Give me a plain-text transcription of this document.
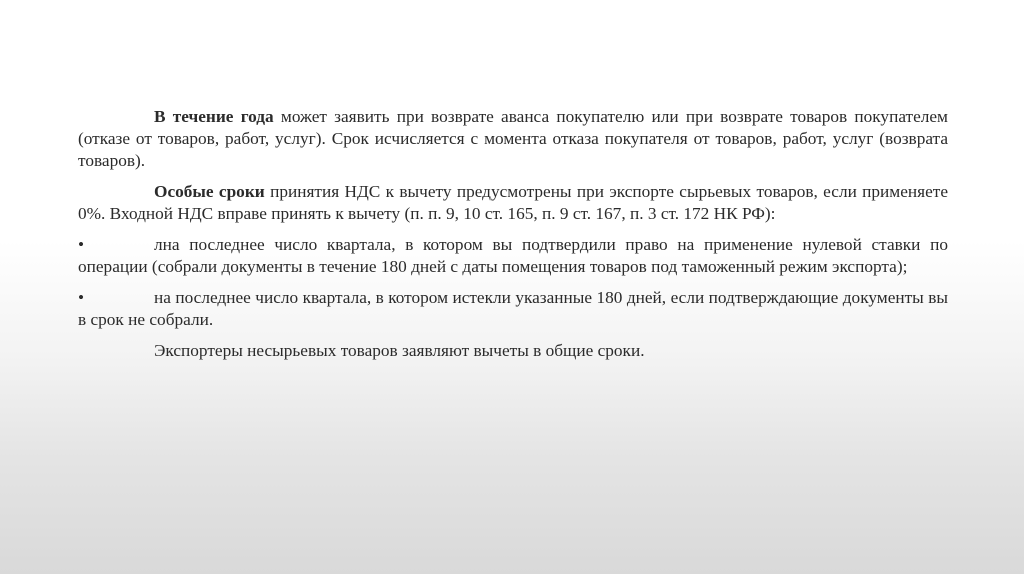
В течение года может заявить при возврате аванса покупателю или при возврате товаров покупателем (отказе от товаров, работ, услуг). Срок исчисляется с момента отказа покупателя от товаров, работ, услуг (возврата товаров).

Особые сроки принятия НДС к вычету предусмотрены при экспорте сырьевых товаров, если применяете 0%. Входной НДС вправе принять к вычету (п. п. 9, 10 ст. 165, п. 9 ст. 167, п. 3 ст. 172 НК РФ):

•	лна последнее число квартала, в котором вы подтвердили право на применение нулевой ставки по операции (собрали документы в течение 180 дней с даты помещения товаров под таможенный режим экспорта);

•	на последнее число квартала, в котором истекли указанные 180 дней, если подтверждающие документы вы в срок не собрали.

Экспортеры несырьевых товаров заявляют вычеты в общие сроки.
